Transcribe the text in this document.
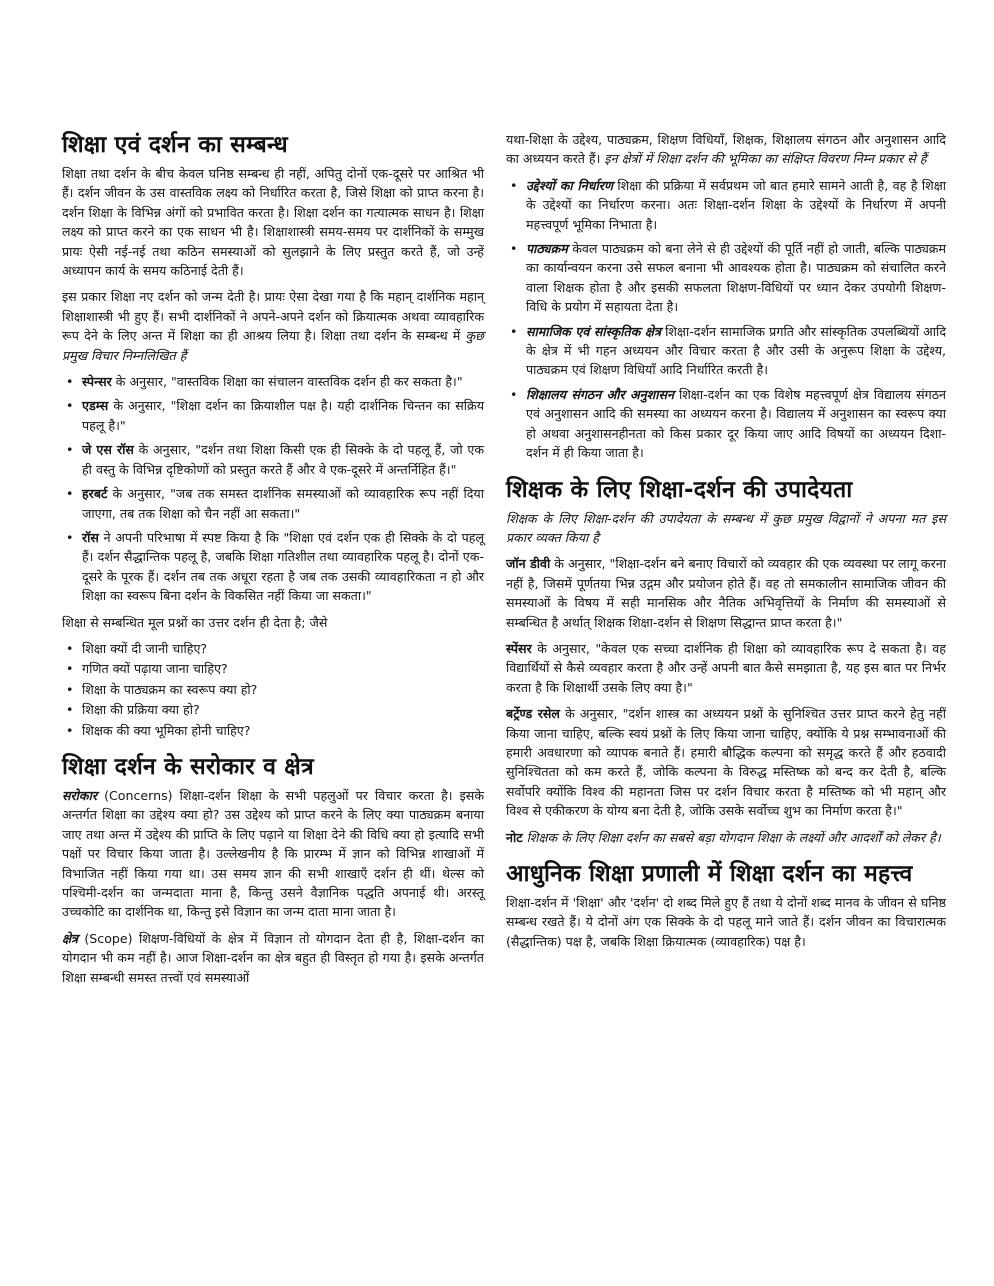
शिक्षा एवं दर्शन का सम्बन्ध

शिक्षा तथा दर्शन के बीच केवल घनिष्ठ सम्बन्ध ही नहीं, अपितु दोनों एक-दूसरे पर आश्रित भी हैं। दर्शन जीवन के उस वास्तविक लक्ष्य को निर्धारित करता है, जिसे शिक्षा को प्राप्त करना है। दर्शन शिक्षा के विभिन्न अंगों को प्रभावित करता है। शिक्षा दर्शन का गत्यात्मक साधन है। शिक्षा लक्ष्य को प्राप्त करने का एक साधन भी है। शिक्षाशास्त्री समय-समय पर दार्शनिकों के सम्मुख प्रायः ऐसी नई-नई तथा कठिन समस्याओं को सुलझाने के लिए प्रस्तुत करते हैं, जो उन्हें अध्यापन कार्य के समय कठिनाई देती हैं।

इस प्रकार शिक्षा नए दर्शन को जन्म देती है। प्रायः ऐसा देखा गया है कि महान् दार्शनिक महान् शिक्षाशास्त्री भी हुए हैं। सभी दार्शनिकों ने अपने-अपने दर्शन को क्रियात्मक अथवा व्यावहारिक रूप देने के लिए अन्त में शिक्षा का ही आश्रय लिया है। शिक्षा तथा दर्शन के सम्बन्ध में कुछ प्रमुख विचार निम्नलिखित हैं

• स्पेन्सर के अनुसार, "वास्तविक शिक्षा का संचालन वास्तविक दर्शन ही कर सकता है।"
• एडम्स के अनुसार, "शिक्षा दर्शन का क्रियाशील पक्ष है। यही दार्शनिक चिन्तन का सक्रिय पहलू है।"
• जे एस रॉस के अनुसार, "दर्शन तथा शिक्षा किसी एक ही सिक्के के दो पहलू हैं, जो एक ही वस्तु के विभिन्न दृष्टिकोणों को प्रस्तुत करते हैं और वे एक-दूसरे में अन्तर्निहित हैं।"
• हरबर्ट के अनुसार, "जब तक समस्त दार्शनिक समस्याओं को व्यावहारिक रूप नहीं दिया जाएगा, तब तक शिक्षा को चैन नहीं आ सकता।"
• रॉस ने अपनी परिभाषा में स्पष्ट किया है कि "शिक्षा एवं दर्शन एक ही सिक्के के दो पहलू हैं। दर्शन सैद्धान्तिक पहलू है, जबकि शिक्षा गतिशील तथा व्यावहारिक पहलू है। दोनों एक-दूसरे के पूरक हैं। दर्शन तब तक अधूरा रहता है जब तक उसकी व्यावहारिकता न हो और शिक्षा का स्वरूप बिना दर्शन के विकसित नहीं किया जा सकता।"

शिक्षा से सम्बन्धित मूल प्रश्नों का उत्तर दर्शन ही देता है; जैसे

• शिक्षा क्यों दी जानी चाहिए?
• गणित क्यों पढ़ाया जाना चाहिए?
• शिक्षा के पाठ्यक्रम का स्वरूप क्या हो?
• शिक्षा की प्रक्रिया क्या हो?
• शिक्षक की क्या भूमिका होनी चाहिए?
शिक्षा दर्शन के सरोकार व क्षेत्र

सरोकार (Concerns) शिक्षा-दर्शन शिक्षा के सभी पहलुओं पर विचार करता है। इसके अन्तर्गत शिक्षा का उद्देश्य क्या हो? उस उद्देश्य को प्राप्त करने के लिए क्या पाठ्यक्रम बनाया जाए तथा अन्त में उद्देश्य की प्राप्ति के लिए पढ़ाने या शिक्षा देने की विधि क्या हो इत्यादि सभी पक्षों पर विचार किया जाता है। उल्लेखनीय है कि प्रारम्भ में ज्ञान को विभिन्न शाखाओं में विभाजित नहीं किया गया था। उस समय ज्ञान की सभी शाखाएँ दर्शन ही थीं। थेल्स को पश्चिमी-दर्शन का जन्मदाता माना है, किन्तु उसने वैज्ञानिक पद्धति अपनाई थी। अरस्तू उच्चकोटि का दार्शनिक था, किन्तु इसे विज्ञान का जन्म दाता माना जाता है।

क्षेत्र (Scope) शिक्षण-विधियों के क्षेत्र में विज्ञान तो योगदान देता ही है, शिक्षा-दर्शन का योगदान भी कम नहीं है। आज शिक्षा-दर्शन का क्षेत्र बहुत ही विस्तृत हो गया है। इसके अन्तर्गत शिक्षा सम्बन्धी समस्त तत्त्वों एवं समस्याओं

यथा-शिक्षा के उद्देश्य, पाठ्यक्रम, शिक्षण विधियाँ, शिक्षक, शिक्षालय संगठन और अनुशासन आदि का अध्ययन करते हैं। इन क्षेत्रों में शिक्षा दर्शन की भूमिका का संक्षिप्त विवरण निम्न प्रकार से हैं

• उद्देश्यों का निर्धारण शिक्षा की प्रक्रिया में सर्वप्रथम जो बात हमारे सामने आती है, वह है शिक्षा के उद्देश्यों का निर्धारण करना। अतः शिक्षा-दर्शन शिक्षा के उद्देश्यों के निर्धारण में अपनी महत्त्वपूर्ण भूमिका निभाता है।
• पाठ्यक्रम केवल पाठ्यक्रम को बना लेने से ही उद्देश्यों की पूर्ति नहीं हो जाती, बल्कि पाठ्यक्रम का कार्यान्वयन करना उसे सफल बनाना भी आवश्यक होता है। पाठ्यक्रम को संचालित करने वाला शिक्षक होता है और इसकी सफलता शिक्षण-विधियों पर ध्यान देकर उपयोगी शिक्षण-विधि के प्रयोग में सहायता देता है।
• सामाजिक एवं सांस्कृतिक क्षेत्र शिक्षा-दर्शन सामाजिक प्रगति और सांस्कृतिक उपलब्धियों आदि के क्षेत्र में भी गहन अध्ययन और विचार करता है और उसी के अनुरूप शिक्षा के उद्देश्य, पाठ्यक्रम एवं शिक्षण विधियाँ आदि निर्धारित करती है।
• शिक्षालय संगठन और अनुशासन शिक्षा-दर्शन का एक विशेष महत्त्वपूर्ण क्षेत्र विद्यालय संगठन एवं अनुशासन आदि की समस्या का अध्ययन करना है। विद्यालय में अनुशासन का स्वरूप क्या हो अथवा अनुशासनहीनता को किस प्रकार दूर किया जाए आदि विषयों का अध्ययन दिशा-दर्शन में ही किया जाता है।
शिक्षक के लिए शिक्षा-दर्शन की उपादेयता

शिक्षक के लिए शिक्षा-दर्शन की उपादेयता के सम्बन्ध में कुछ प्रमुख विद्वानों ने अपना मत इस प्रकार व्यक्त किया है

जॉन डीवी के अनुसार, "शिक्षा-दर्शन बने बनाए विचारों को व्यवहार की एक व्यवस्था पर लागू करना नहीं है, जिसमें पूर्णतया भिन्न उद्गम और प्रयोजन होते हैं। वह तो समकालीन सामाजिक जीवन की समस्याओं के विषय में सही मानसिक और नैतिक अभिवृत्तियों के निर्माण की समस्याओं से सम्बन्धित है अर्थात् शिक्षक शिक्षा-दर्शन से शिक्षण सिद्धान्त प्राप्त करता है।"

स्पेंसर के अनुसार, "केवल एक सच्चा दार्शनिक ही शिक्षा को व्यावहारिक रूप दे सकता है। वह विद्यार्थियों से कैसे व्यवहार करता है और उन्हें अपनी बात कैसे समझाता है, यह इस बात पर निर्भर करता है कि शिक्षार्थी उसके लिए क्या है।"

बर्ट्रेण्ड रसेल के अनुसार, "दर्शन शास्त्र का अध्ययन प्रश्नों के सुनिश्चित उत्तर प्राप्त करने हेतु नहीं किया जाना चाहिए, बल्कि स्वयं प्रश्नों के लिए किया जाना चाहिए, क्योंकि ये प्रश्न सम्भावनाओं की हमारी अवधारणा को व्यापक बनाते हैं। हमारी बौद्धिक कल्पना को समृद्ध करते हैं और हठवादी सुनिश्चितता को कम करते हैं, जोकि कल्पना के विरुद्ध मस्तिष्क को बन्द कर देती है, बल्कि सर्वोपरि क्योंकि विश्व की महानता जिस पर दर्शन विचार करता है मस्तिष्क को भी महान् और विश्व से एकीकरण के योग्य बना देती है, जोकि उसके सर्वोच्च शुभ का निर्माण करता है।"

नोट शिक्षक के लिए शिक्षा दर्शन का सबसे बड़ा योगदान शिक्षा के लक्ष्यों और आदर्शों को लेकर है।

आधुनिक शिक्षा प्रणाली में शिक्षा दर्शन का महत्त्व

शिक्षा-दर्शन में 'शिक्षा' और 'दर्शन' दो शब्द मिले हुए हैं तथा ये दोनों शब्द मानव के जीवन से घनिष्ठ सम्बन्ध रखते हैं। ये दोनों अंग एक सिक्के के दो पहलू माने जाते हैं। दर्शन जीवन का विचारात्मक (सैद्धान्तिक) पक्ष है, जबकि शिक्षा क्रियात्मक (व्यावहारिक) पक्ष है।
